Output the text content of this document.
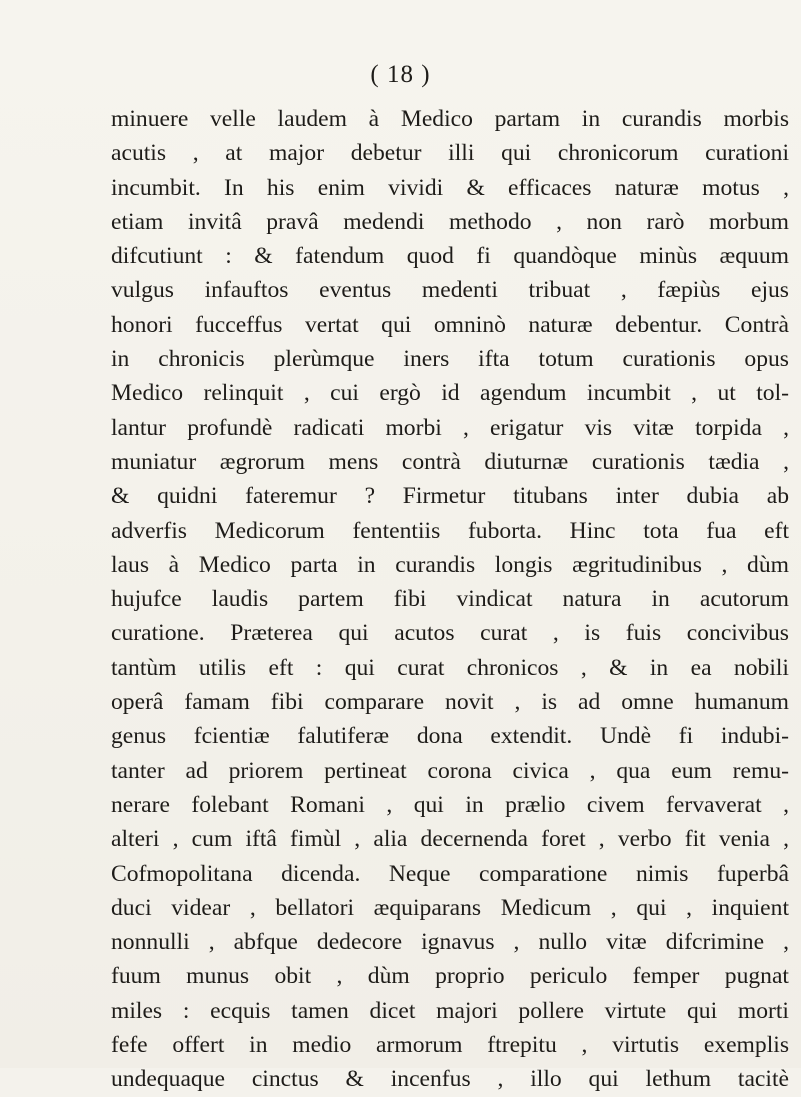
( 18 )
minuere velle laudem à Medico partam in curandis morbis
acutis , at major debetur illi qui chronicorum curationi
incumbit. In his enim vividi & efficaces naturæ motus ,
etiam invitâ pravâ medendi methodo , non rarò morbum
difcutiunt : & fatendum quod fi quandòque minùs æquum
vulgus infauftos eventus medenti tribuat , fæpiùs ejus
honori fucceffus vertat qui omninò naturæ debentur. Contrà
in chronicis plerùmque iners ifta totum curationis opus
Medico relinquit , cui ergò id agendum incumbit , ut tol-
lantur profundè radicati morbi , erigatur vis vitæ torpida ,
muniatur ægrorum mens contrà diuturnæ curationis tædia ,
& quidni fateremur ? Firmetur titubans inter dubia ab
adverfis Medicorum fententiis fuborta. Hinc tota fua eft
laus à Medico parta in curandis longis ægritudinibus , dùm
hujufce laudis partem fibi vindicat natura in acutorum
curatione. Præterea qui acutos curat , is fuis concivibus
tantùm utilis eft : qui curat chronicos , & in ea nobili
operâ famam fibi comparare novit , is ad omne humanum
genus fcientiæ falutiferæ dona extendit. Undè fi indubi-
tanter ad priorem pertineat corona civica , qua eum remu-
nerare folebant Romani , qui in prælio civem fervaverat ,
alteri , cum iftâ fimùl , alia decernenda foret , verbo fit venia ,
Cofmopolitana dicenda. Neque comparatione nimis fuperbâ
duci videar , bellatori æquiparans Medicum , qui , inquient
nonnulli , abfque dedecore ignavus , nullo vitæ difcrimine ,
fuum munus obit , dùm proprio periculo femper pugnat
miles : ecquis tamen dicet majori pollere virtute qui morti
fefe offert in medio armorum ftrepitu , virtutis exemplis
undequaque cinctus & incenfus , illo qui lethum tacitè
